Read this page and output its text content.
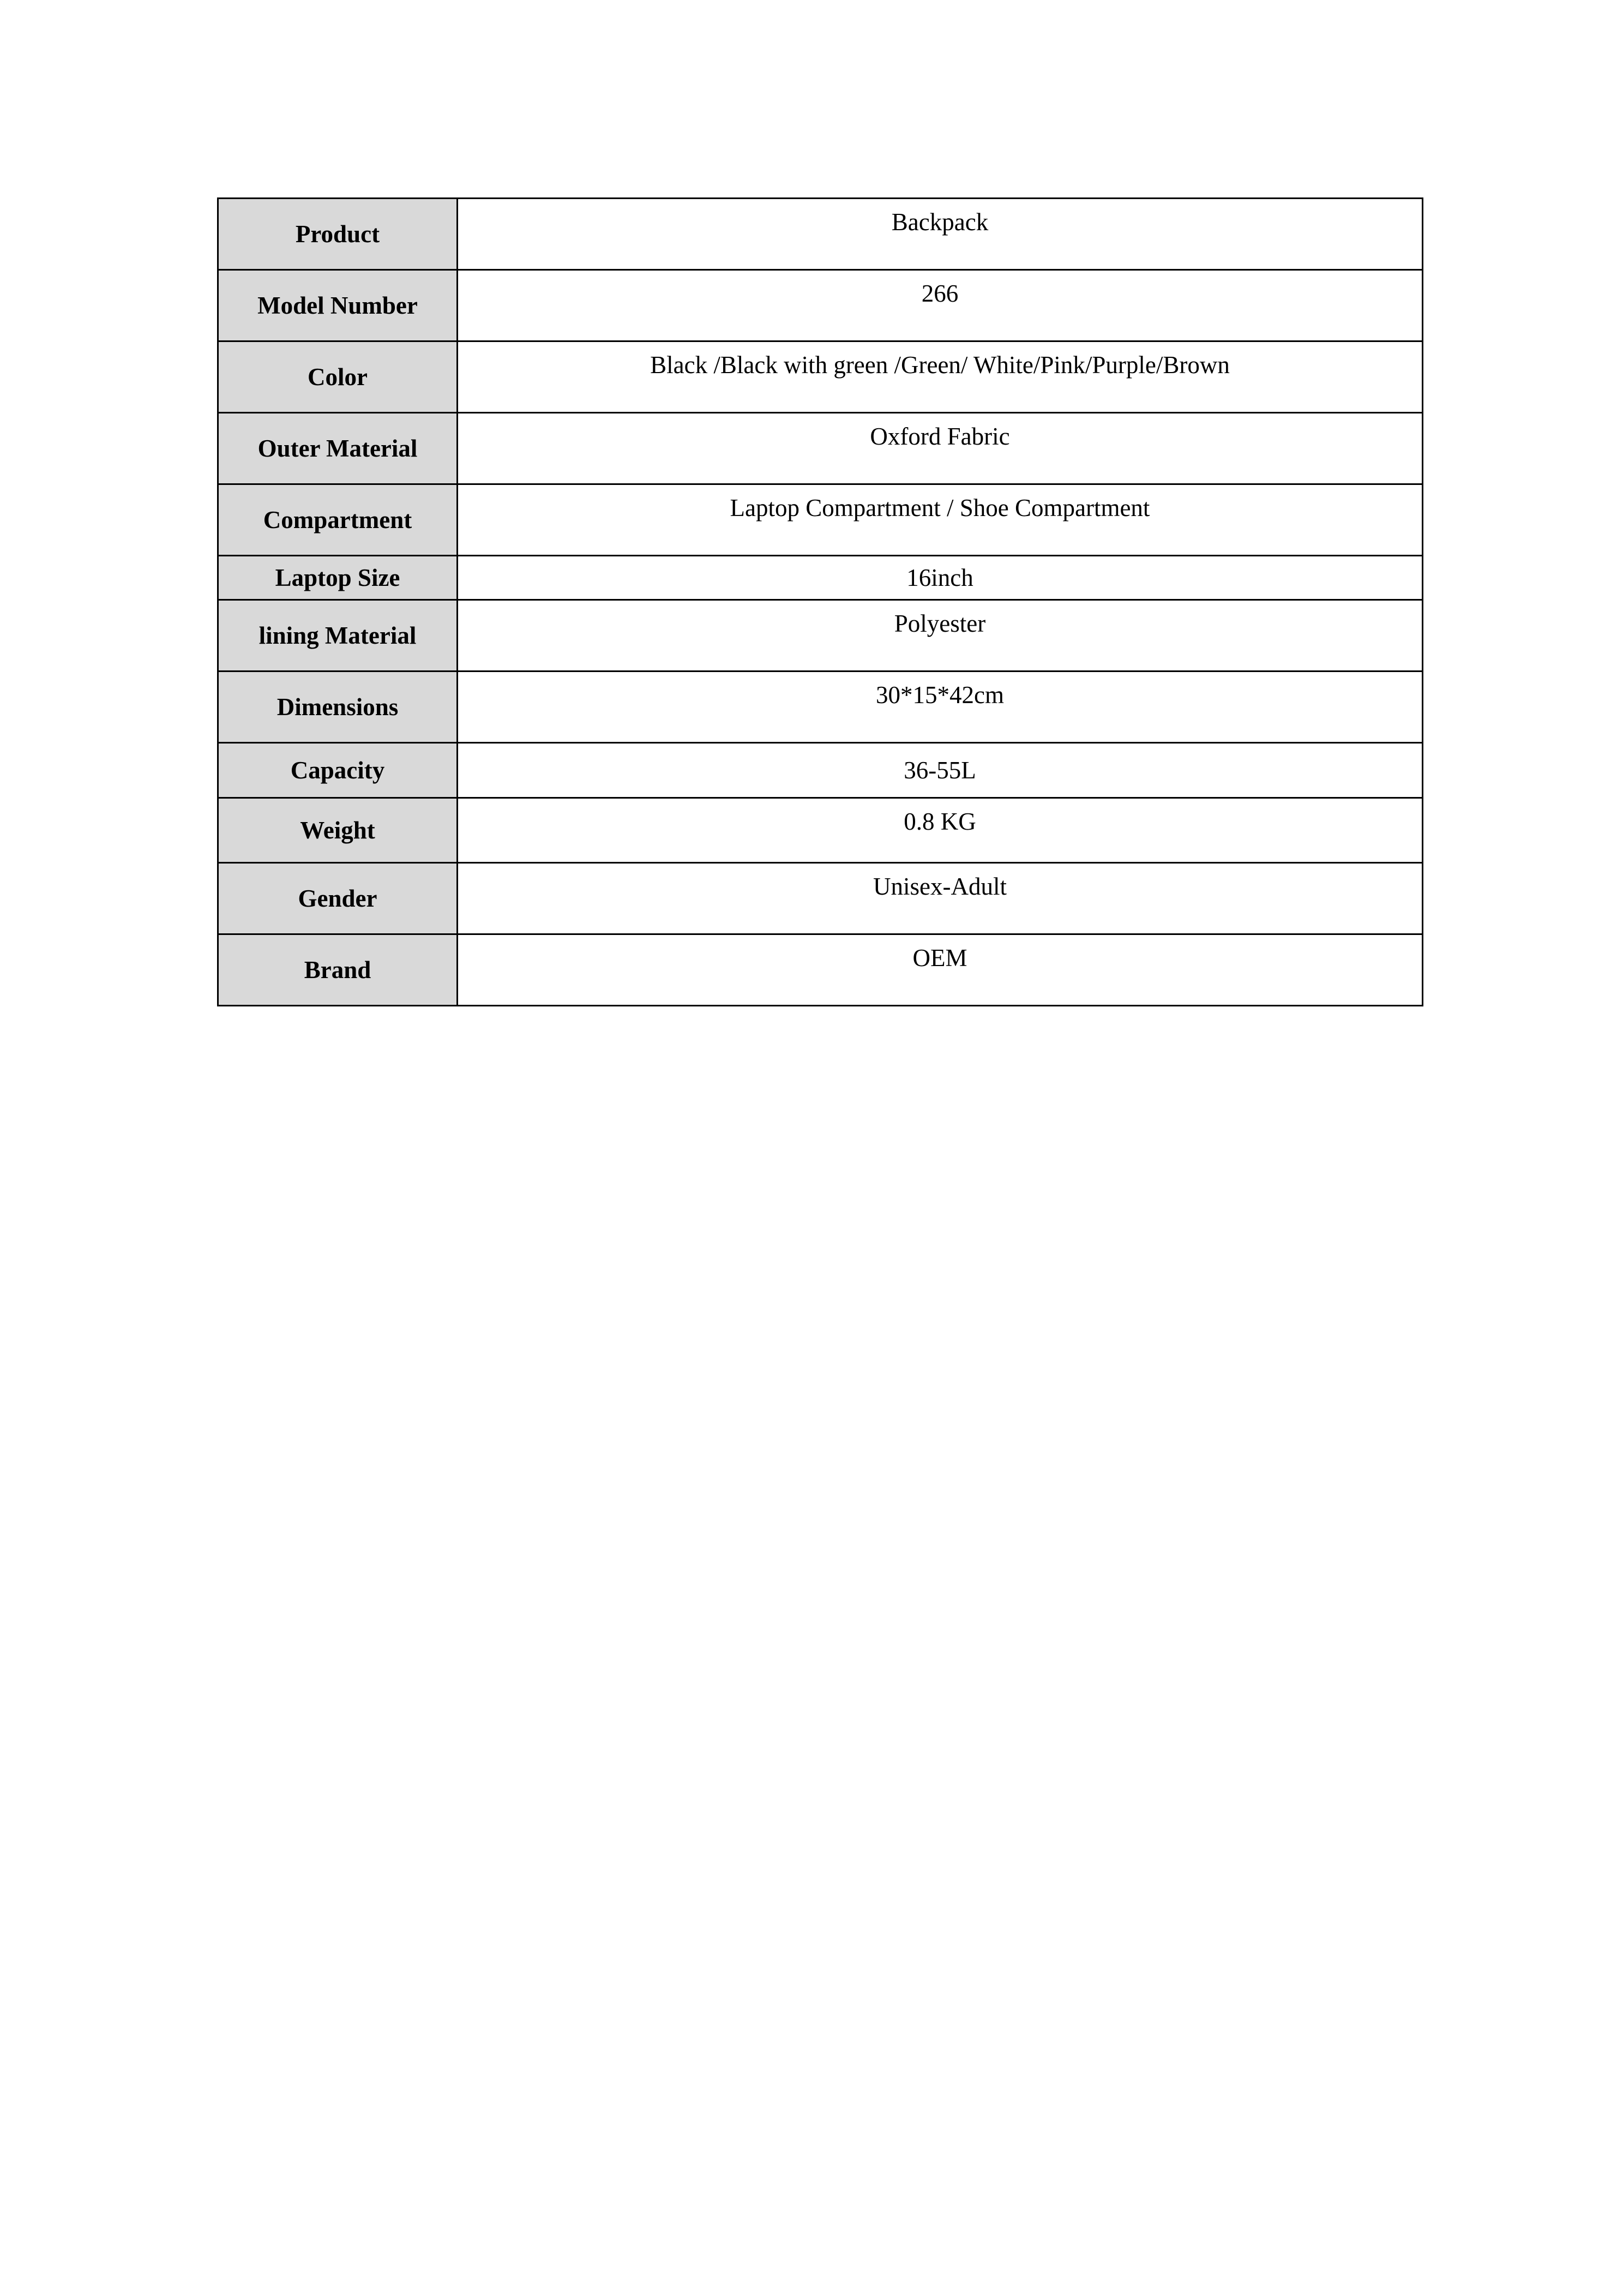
Product	Backpack
Model Number	266
Color	Black /Black with green /Green/ White/Pink/Purple/Brown
Outer Material	Oxford Fabric
Compartment	Laptop Compartment / Shoe Compartment
Laptop Size	16inch
lining Material	Polyester
Dimensions	30*15*42cm
Capacity	36-55L
Weight	0.8 KG
Gender	Unisex-Adult
Brand	OEM
